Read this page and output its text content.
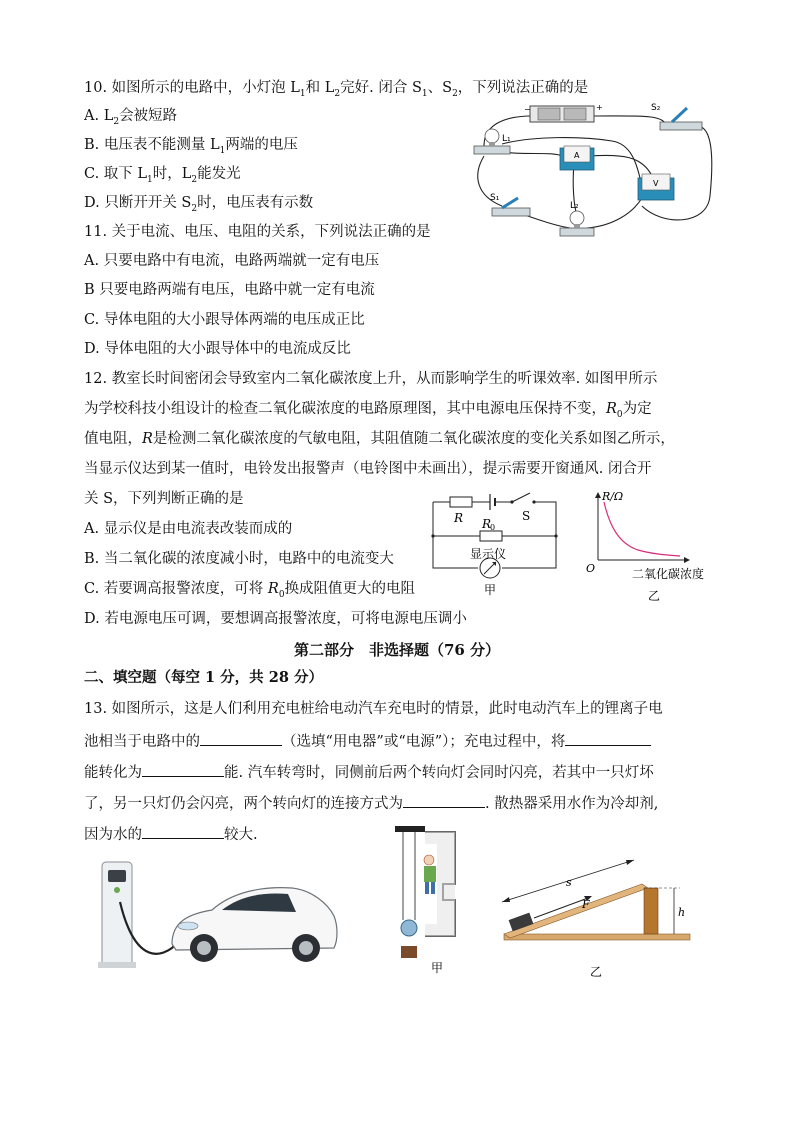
10. 如图所示的电路中，小灯泡 $L_1$和 $L_2$完好. 闭合 $S_1$、$S_2$，下列说法正确的是
A. $L_2$会被短路
B. 电压表不能测量 $L_1$两端的电压
C. 取下 $L_1$时，$L_2$能发光
D. 只断开开关 $S_2$时，电压表有示数
−	+	S₂
L₁
A
V
S₁
L₂
11. 关于电流、电压、电阻的关系，下列说法正确的是
A. 只要电路中有电流，电路两端就一定有电压
B 只要电路两端有电压，电路中就一定有电流
C. 导体电阻的大小跟导体两端的电压成正比
D. 导体电阻的大小跟导体中的电流成反比
12. 教室长时间密闭会导致室内二氧化碳浓度上升，从而影响学生的听课效率. 如图甲所示
为学校科技小组设计的检查二氧化碳浓度的电路原理图，其中电源电压保持不变，$R_0$为定
值电阻，R是检测二氧化碳浓度的气敏电阻，其阻值随二氧化碳浓度的变化关系如图乙所示，
当显示仪达到某一值时，电铃发出报警声（电铃图中未画出），提示需要开窗通风. 闭合开
关 S，下列判断正确的是
A. 显示仪是由电流表改装而成的
B. 当二氧化碳的浓度减小时，电路中的电流变大
C. 若要调高报警浓度，可将 $R_0$换成阻值更大的电阻
D. 若电源电压可调，要想调高报警浓度，可将电源电压调小
R R
0
S
显示仪
甲
R/Ω
O	二氧化碳浓度
乙
第二部分　非选择题（76 分）
二、填空题（每空 1 分，共 28 分）
13. 如图所示，这是人们利用充电桩给电动汽车充电时的情景，此时电动汽车上的锂离子电
池相当于电路中的	（选填“用电器”或“电源”）；充电过程中，将
能转化为	能. 汽车转弯时，同侧前后两个转向灯会同时闪亮，若其中一只灯坏
了，另一只灯仍会闪亮，两个转向灯的连接方式为	. 散热器采用水作为冷却剂,
因为水的	较大.
甲
s
F
h
乙
